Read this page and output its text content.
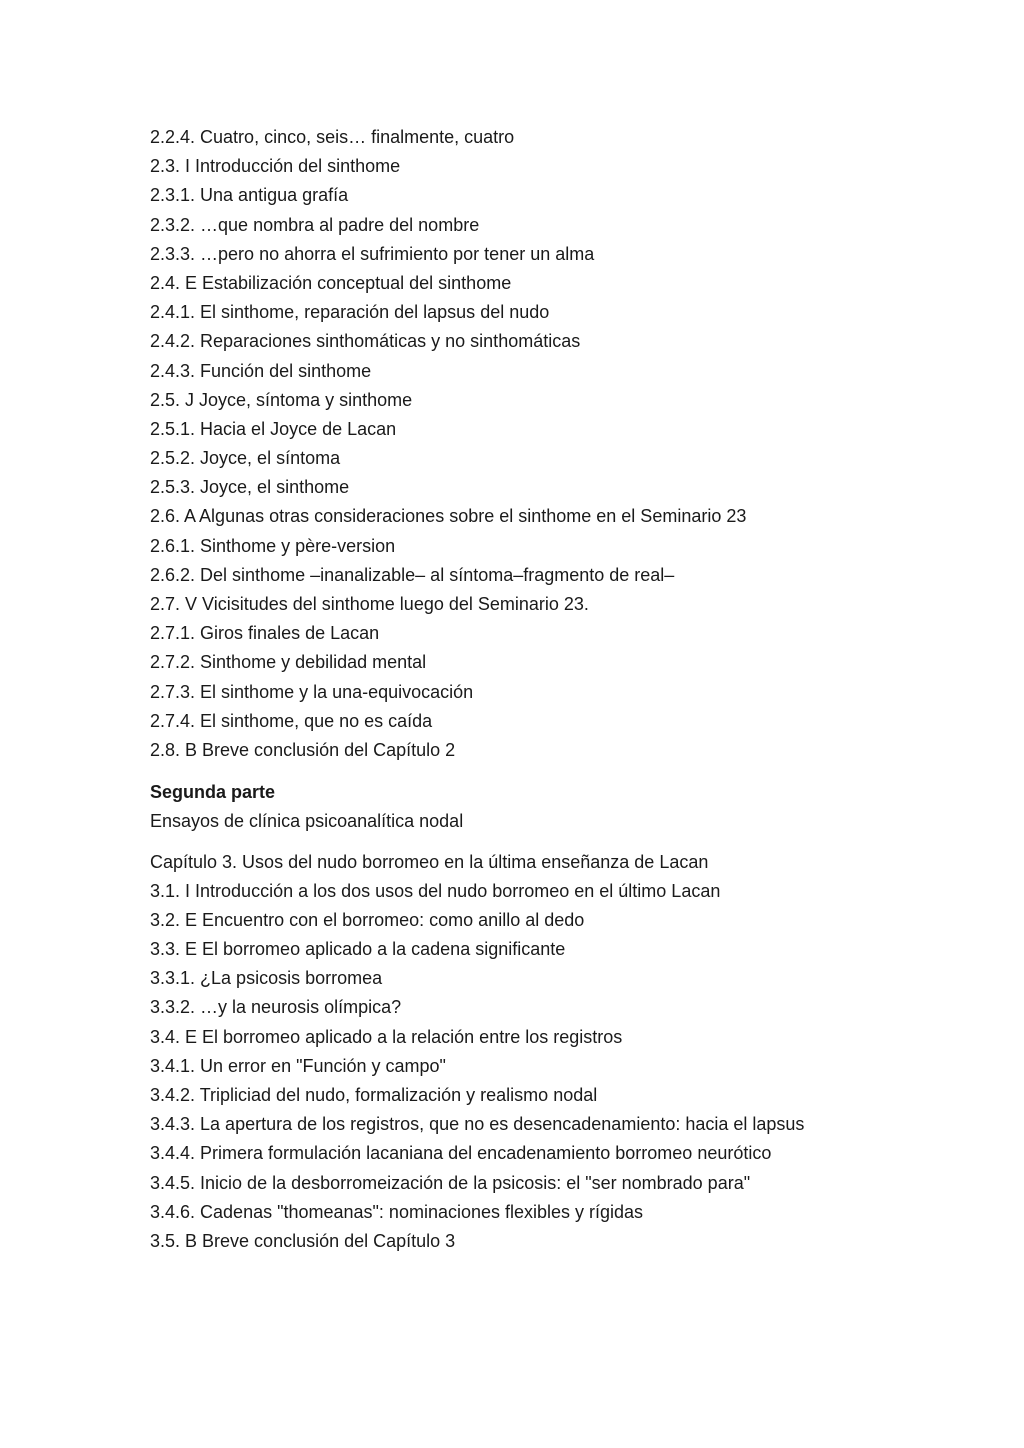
2.2.4. Cuatro, cinco, seis… finalmente, cuatro
2.3. I Introducción del sinthome
2.3.1. Una antigua grafía
2.3.2. …que nombra al padre del nombre
2.3.3. …pero no ahorra el sufrimiento por tener un alma
2.4. E Estabilización conceptual del sinthome
2.4.1. El sinthome, reparación del lapsus del nudo
2.4.2. Reparaciones sinthomáticas y no sinthomáticas
2.4.3. Función del sinthome
2.5. J Joyce, síntoma y sinthome
2.5.1. Hacia el Joyce de Lacan
2.5.2. Joyce, el síntoma
2.5.3. Joyce, el sinthome
2.6. A Algunas otras consideraciones sobre el sinthome en el Seminario 23
2.6.1. Sinthome y père-version
2.6.2. Del sinthome –inanalizable– al síntoma–fragmento de real–
2.7. V Vicisitudes del sinthome luego del Seminario 23.
2.7.1. Giros finales de Lacan
2.7.2. Sinthome y debilidad mental
2.7.3. El sinthome y la una-equivocación
2.7.4. El sinthome, que no es caída
2.8. B Breve conclusión del Capítulo 2
Segunda parte
Ensayos de clínica psicoanalítica nodal
Capítulo 3. Usos del nudo borromeo en la última enseñanza de Lacan
3.1. I Introducción a los dos usos del nudo borromeo en el último Lacan
3.2. E Encuentro con el borromeo: como anillo al dedo
3.3. E El borromeo aplicado a la cadena significante
3.3.1. ¿La psicosis borromea
3.3.2. …y la neurosis olímpica?
3.4. E El borromeo aplicado a la relación entre los registros
3.4.1. Un error en "Función y campo"
3.4.2. Tripliciad del nudo, formalización y realismo nodal
3.4.3. La apertura de los registros, que no es desencadenamiento: hacia el lapsus
3.4.4. Primera formulación lacaniana del encadenamiento borromeo neurótico
3.4.5. Inicio de la desborromeización de la psicosis: el "ser nombrado para"
3.4.6. Cadenas "thomeanas": nominaciones flexibles y rígidas
3.5. B Breve conclusión del Capítulo 3
